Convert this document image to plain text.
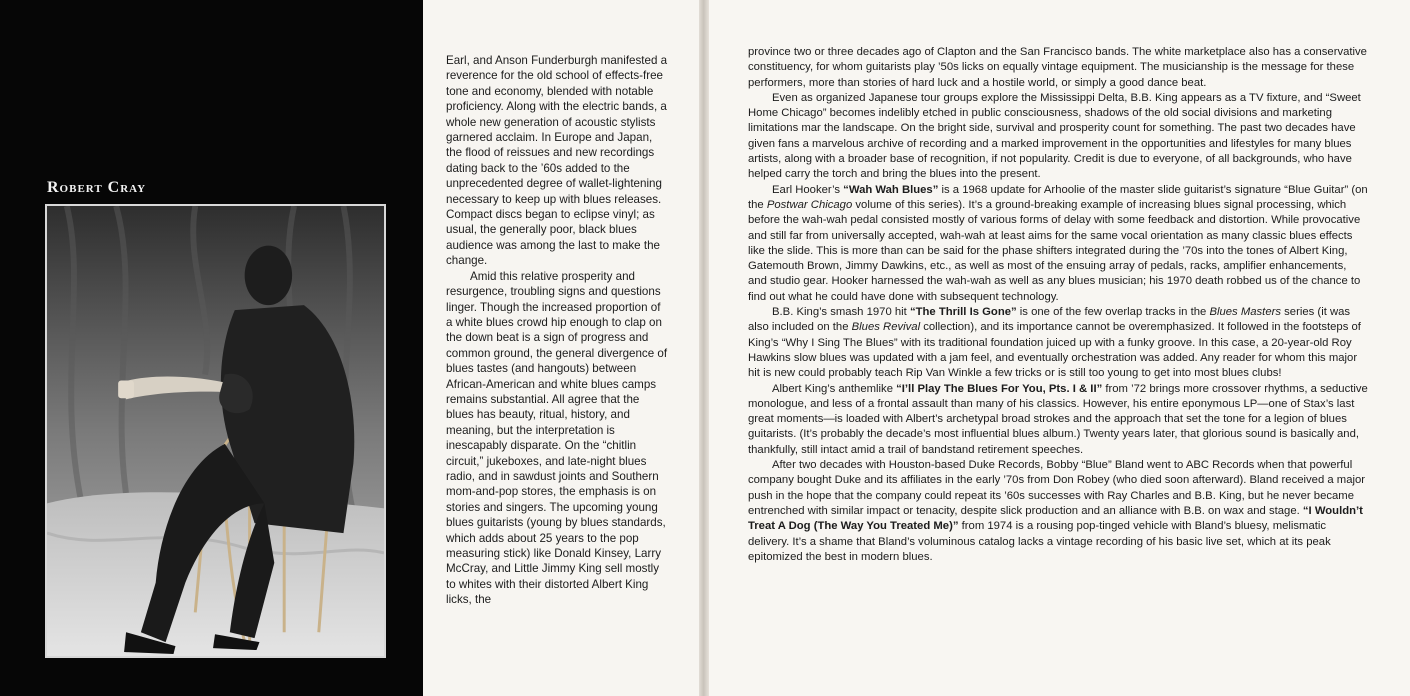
Robert Cray

Earl, and Anson Funderburgh manifested a reverence for the old school of effects-free tone and economy, blended with notable proficiency. Along with the electric bands, a whole new generation of acoustic stylists garnered acclaim. In Europe and Japan, the flood of reissues and new recordings dating back to the ’60s added to the unprecedented degree of wallet-lightening necessary to keep up with blues releases. Compact discs began to eclipse vinyl; as usual, the generally poor, black blues audience was among the last to make the change.

Amid this relative prosperity and resurgence, troubling signs and questions linger. Though the increased proportion of a white blues crowd hip enough to clap on the down beat is a sign of progress and common ground, the general divergence of blues tastes (and hangouts) between African-American and white blues camps remains substantial. All agree that the blues has beauty, ritual, history, and meaning, but the interpretation is inescapably disparate. On the “chitlin circuit,” jukeboxes, and late-night blues radio, and in sawdust joints and Southern mom-and-pop stores, the emphasis is on stories and singers. The upcoming young blues guitarists (young by blues standards, which adds about 25 years to the pop measuring stick) like Donald Kinsey, Larry McCray, and Little Jimmy King sell mostly to whites with their distorted Albert King licks, the

province two or three decades ago of Clapton and the San Francisco bands. The white marketplace also has a conservative constituency, for whom guitarists play ’50s licks on equally vintage equipment. The musicianship is the message for these performers, more than stories of hard luck and a hostile world, or simply a good dance beat.

Even as organized Japanese tour groups explore the Mississippi Delta, B.B. King appears as a TV fixture, and “Sweet Home Chicago” becomes indelibly etched in public consciousness, shadows of the old social divisions and marketing limitations mar the landscape. On the bright side, survival and prosperity count for something. The past two decades have given fans a marvelous archive of recording and a marked improvement in the opportunities and lifestyles for many blues artists, along with a broader base of recognition, if not popularity. Credit is due to everyone, of all backgrounds, who have helped carry the torch and bring the blues into the present.

Earl Hooker’s “Wah Wah Blues” is a 1968 update for Arhoolie of the master slide guitarist’s signature “Blue Guitar” (on the Postwar Chicago volume of this series). It’s a ground-breaking example of increasing blues signal processing, which before the wah-wah pedal consisted mostly of various forms of delay with some feedback and distortion. While provocative and still far from universally accepted, wah-wah at least aims for the same vocal orientation as many classic blues effects like the slide. This is more than can be said for the phase shifters integrated during the ’70s into the tones of Albert King, Gatemouth Brown, Jimmy Dawkins, etc., as well as most of the ensuing array of pedals, racks, amplifier enhancements, and studio gear. Hooker harnessed the wah-wah as well as any blues musician; his 1970 death robbed us of the chance to find out what he could have done with subsequent technology.

B.B. King’s smash 1970 hit “The Thrill Is Gone” is one of the few overlap tracks in the Blues Masters series (it was also included on the Blues Revival collection), and its importance cannot be overemphasized. It followed in the footsteps of King’s “Why I Sing The Blues” with its traditional foundation juiced up with a funky groove. In this case, a 20-year-old Roy Hawkins slow blues was updated with a jam feel, and eventually orchestration was added. Any reader for whom this major hit is new could probably teach Rip Van Winkle a few tricks or is still too young to get into most blues clubs!

Albert King’s anthemlike “I’ll Play The Blues For You, Pts. I & II” from ’72 brings more crossover rhythms, a seductive monologue, and less of a frontal assault than many of his classics. However, his entire eponymous LP—one of Stax’s last great moments—is loaded with Albert’s archetypal broad strokes and the approach that set the tone for a legion of blues guitarists. (It’s probably the decade’s most influential blues album.) Twenty years later, that glorious sound is basically and, thankfully, still intact amid a trail of bandstand retirement speeches.

After two decades with Houston-based Duke Records, Bobby “Blue” Bland went to ABC Records when that powerful company bought Duke and its affiliates in the early ’70s from Don Robey (who died soon afterward). Bland received a major push in the hope that the company could repeat its ’60s successes with Ray Charles and B.B. King, but he never became entrenched with similar impact or tenacity, despite slick production and an alliance with B.B. on wax and stage. “I Wouldn’t Treat A Dog (The Way You Treated Me)” from 1974 is a rousing pop-tinged vehicle with Bland’s bluesy, melismatic delivery. It’s a shame that Bland’s voluminous catalog lacks a vintage recording of his basic live set, which at its peak epitomized the best in modern blues.
